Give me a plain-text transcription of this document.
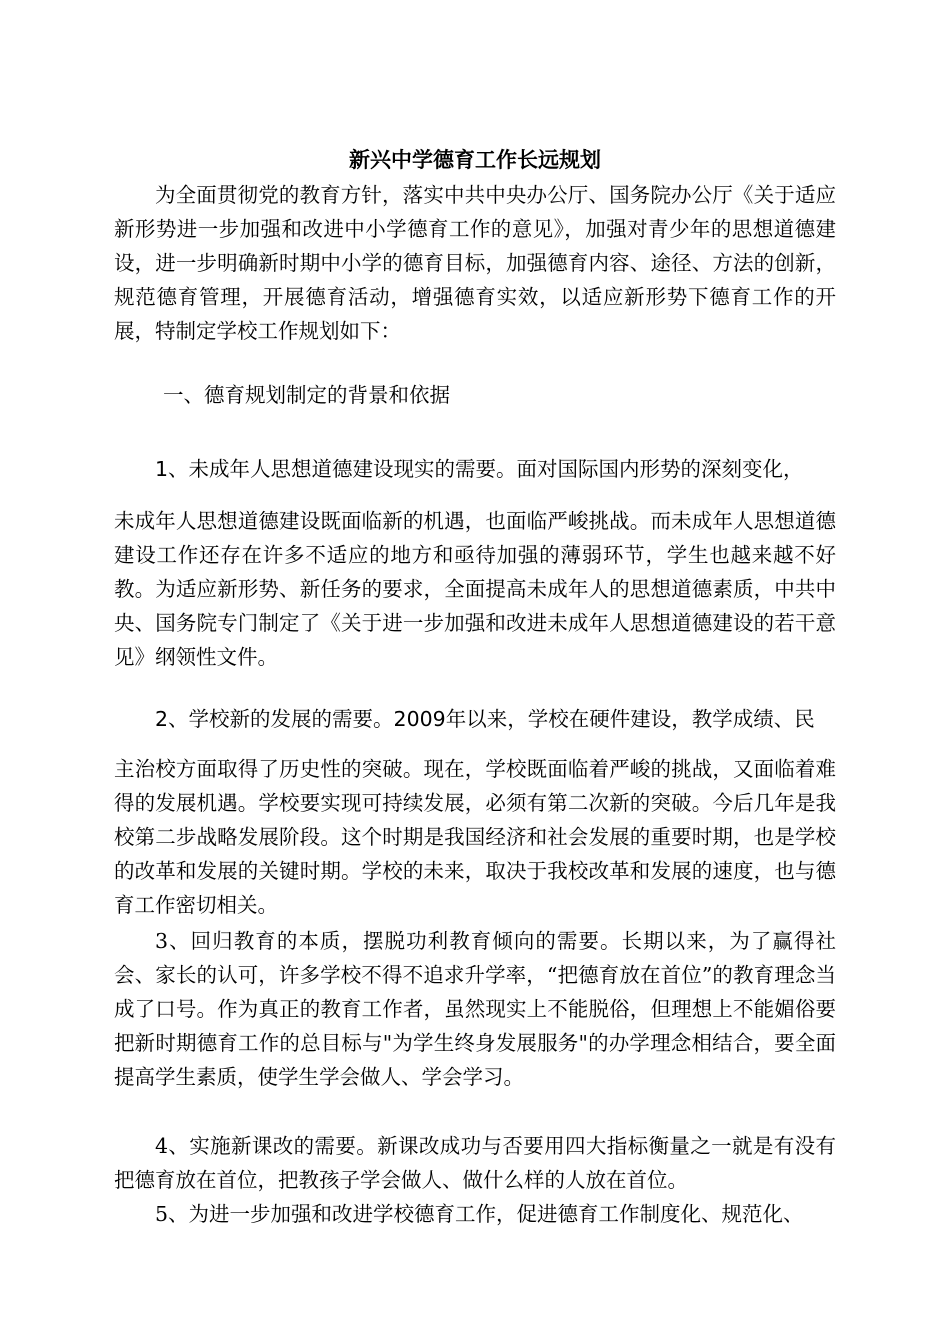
新兴中学德育工作长远规划

为全面贯彻党的教育方针，落实中共中央办公厅、国务院办公厅《关于适应新形势进一步加强和改进中小学德育工作的意见》，加强对青少年的思想道德建设，进一步明确新时期中小学的德育目标，加强德育内容、途径、方法的创新，规范德育管理，开展德育活动，增强德育实效，以适应新形势下德育工作的开展，特制定学校工作规划如下：

一、德育规划制定的背景和依据

1、未成年人思想道德建设现实的需要。面对国际国内形势的深刻变化，

未成年人思想道德建设既面临新的机遇，也面临严峻挑战。而未成年人思想道德建设工作还存在许多不适应的地方和亟待加强的薄弱环节，学生也越来越不好教。为适应新形势、新任务的要求，全面提高未成年人的思想道德素质，中共中央、国务院专门制定了《关于进一步加强和改进未成年人思想道德建设的若干意见》纲领性文件。

2、学校新的发展的需要。2009年以来，学校在硬件建设，教学成绩、民

主治校方面取得了历史性的突破。现在，学校既面临着严峻的挑战，又面临着难得的发展机遇。学校要实现可持续发展，必须有第二次新的突破。今后几年是我校第二步战略发展阶段。这个时期是我国经济和社会发展的重要时期，也是学校的改革和发展的关键时期。学校的未来，取决于我校改革和发展的速度，也与德育工作密切相关。

3、回归教育的本质，摆脱功利教育倾向的需要。长期以来，为了赢得社会、家长的认可，许多学校不得不追求升学率，“把德育放在首位”的教育理念当成了口号。作为真正的教育工作者，虽然现实上不能脱俗，但理想上不能媚俗要把新时期德育工作的总目标与"为学生终身发展服务"的办学理念相结合，要全面提高学生素质，使学生学会做人、学会学习。

4、实施新课改的需要。新课改成功与否要用四大指标衡量之一就是有没有把德育放在首位，把教孩子学会做人、做什么样的人放在首位。

5、为进一步加强和改进学校德育工作，促进德育工作制度化、规范化、
